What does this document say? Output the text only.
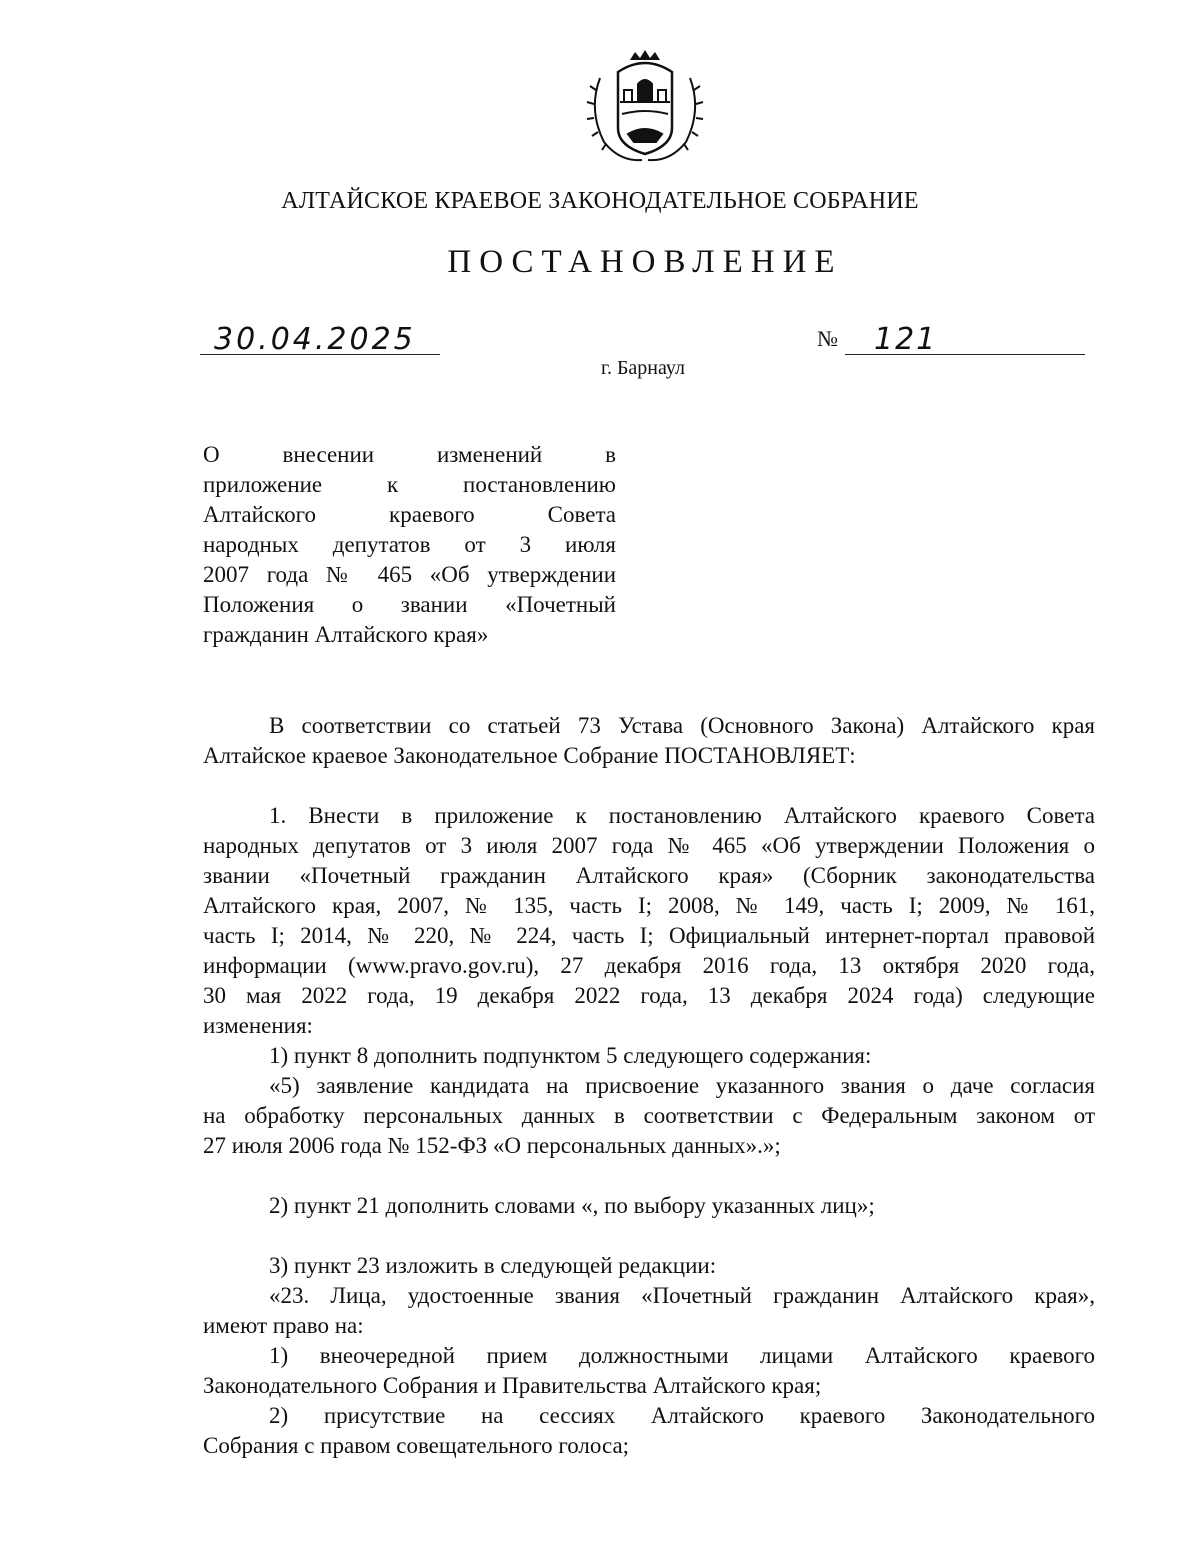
АЛТАЙСКОЕ КРАЕВОЕ ЗАКОНОДАТЕЛЬНОЕ СОБРАНИЕ
ПОСТАНОВЛЕНИЕ
30.04.2025	№ 121
г. Барнаул
О внесении изменений в
приложение к постановлению
Алтайского краевого Совета
народных депутатов от 3 июля
2007 года № 465 «Об утверждении
Положения о звании «Почетный
гражданин Алтайского края»

В соответствии со статьей 73 Устава (Основного Закона) Алтайского края
Алтайское краевое Законодательное Собрание ПОСТАНОВЛЯЕТ:

1. Внести в приложение к постановлению Алтайского краевого Совета
народных депутатов от 3 июля 2007 года № 465 «Об утверждении Положения о
звании «Почетный гражданин Алтайского края» (Сборник законодательства
Алтайского края, 2007, № 135, часть I; 2008, № 149, часть I; 2009, № 161,
часть I; 2014, № 220, № 224, часть I; Официальный интернет-портал правовой
информации (www.pravo.gov.ru), 27 декабря 2016 года, 13 октября 2020 года,
30 мая 2022 года, 19 декабря 2022 года, 13 декабря 2024 года) следующие
изменения:

1) пункт 8 дополнить подпунктом 5 следующего содержания:

«5) заявление кандидата на присвоение указанного звания о даче согласия
на обработку персональных данных в соответствии с Федеральным законом от
27 июля 2006 года № 152-ФЗ «О персональных данных».»;

2) пункт 21 дополнить словами «, по выбору указанных лиц»;

3) пункт 23 изложить в следующей редакции:

«23. Лица, удостоенные звания «Почетный гражданин Алтайского края»,
имеют право на:

1) внеочередной прием должностными лицами Алтайского краевого
Законодательного Собрания и Правительства Алтайского края;

2) присутствие на сессиях Алтайского краевого Законодательного
Собрания с правом совещательного голоса;
